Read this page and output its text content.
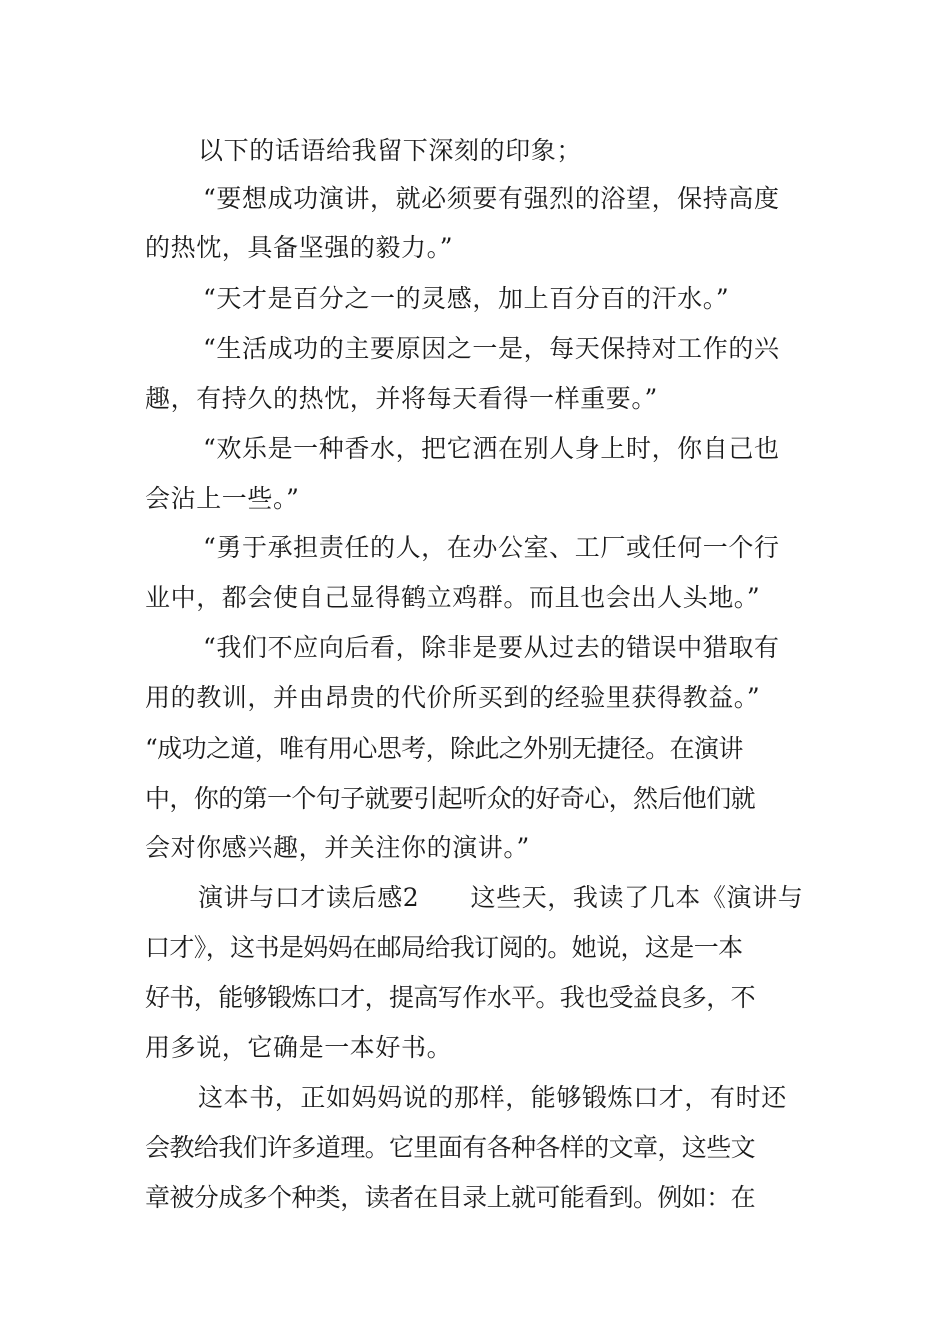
以下的话语给我留下深刻的印象；
“要想成功演讲，就必须要有强烈的浴望，保持高度
的热忱，具备坚强的毅力。”
“天才是百分之一的灵感，加上百分百的汗水。”
“生活成功的主要原因之一是，每天保持对工作的兴
趣，有持久的热忱，并将每天看得一样重要。”
“欢乐是一种香水，把它洒在别人身上时，你自己也
会沾上一些。”
“勇于承担责任的人，在办公室、工厂或任何一个行
业中，都会使自己显得鹤立鸡群。而且也会出人头地。”
“我们不应向后看，除非是要从过去的错误中猎取有
用的教训，并由昂贵的代价所买到的经验里获得教益。”
“成功之道，唯有用心思考，除此之外别无捷径。在演讲
中，你的第一个句子就要引起听众的好奇心，然后他们就
会对你感兴趣，并关注你的演讲。”
演讲与口才读后感2　　这些天，我读了几本《演讲与
口才》，这书是妈妈在邮局给我订阅的。她说，这是一本
好书，能够锻炼口才，提高写作水平。我也受益良多，不
用多说，它确是一本好书。
这本书，正如妈妈说的那样，能够锻炼口才，有时还
会教给我们许多道理。它里面有各种各样的文章，这些文
章被分成多个种类，读者在目录上就可能看到。例如：在
